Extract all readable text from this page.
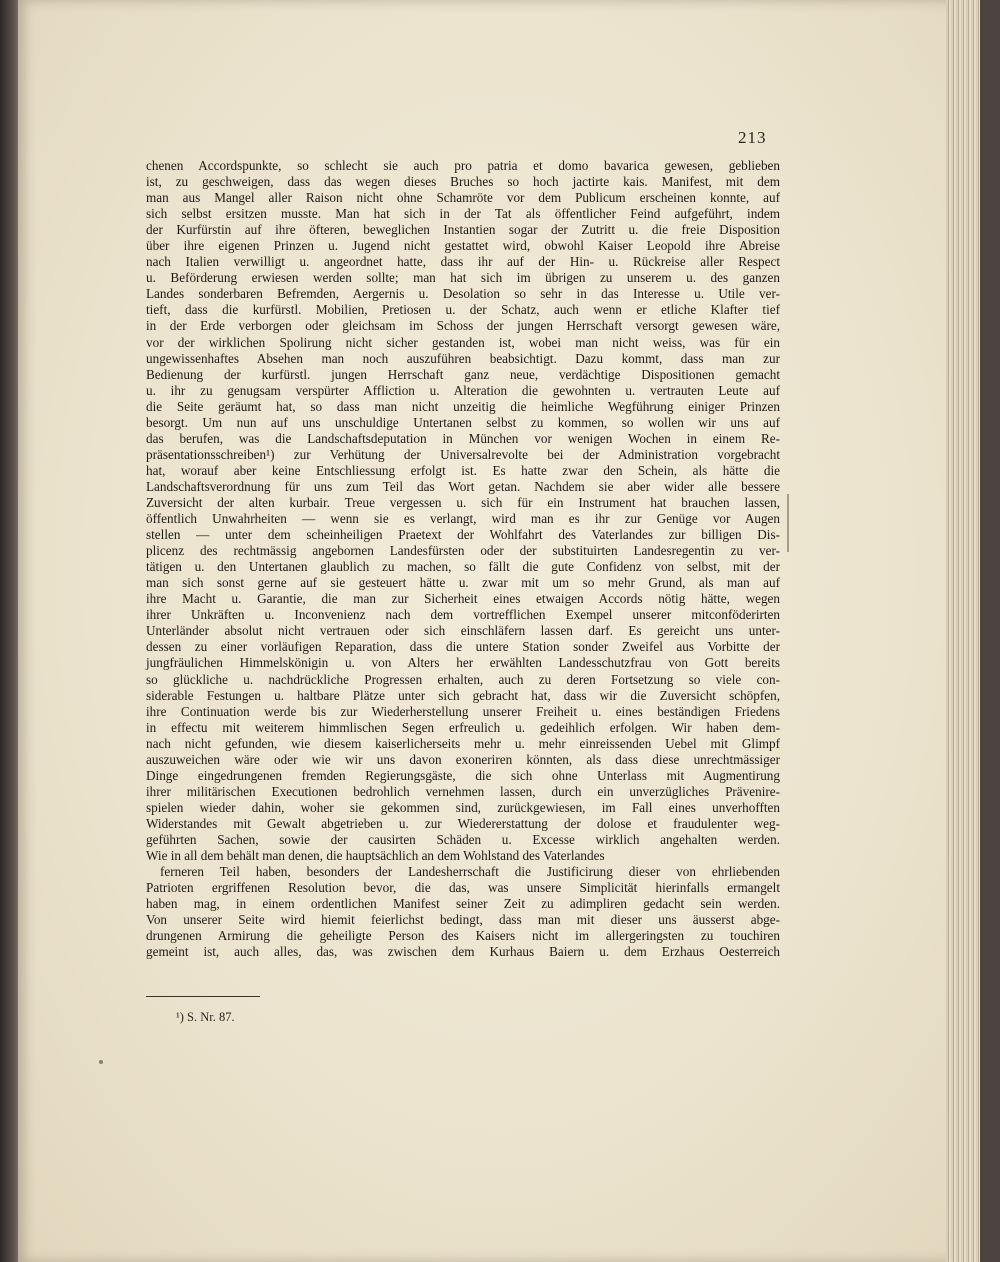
213
chenen Accordspunkte, so schlecht sie auch pro patria et domo bavarica gewesen, geblieben
ist, zu geschweigen, dass das wegen dieses Bruches so hoch jactirte kais. Manifest, mit dem
man aus Mangel aller Raison nicht ohne Schamröte vor dem Publicum erscheinen konnte, auf
sich selbst ersitzen musste. Man hat sich in der Tat als öffentlicher Feind aufgeführt, indem
der Kurfürstin auf ihre öfteren, beweglichen Instantien sogar der Zutritt u. die freie Disposition
über ihre eigenen Prinzen u. Jugend nicht gestattet wird, obwohl Kaiser Leopold ihre Abreise
nach Italien verwilligt u. angeordnet hatte, dass ihr auf der Hin- u. Rückreise aller Respect
u. Beförderung erwiesen werden sollte; man hat sich im übrigen zu unserem u. des ganzen
Landes sonderbaren Befremden, Aergernis u. Desolation so sehr in das Interesse u. Utile ver-
tieft, dass die kurfürstl. Mobilien, Pretiosen u. der Schatz, auch wenn er etliche Klafter tief
in der Erde verborgen oder gleichsam im Schoss der jungen Herrschaft versorgt gewesen wäre,
vor der wirklichen Spolirung nicht sicher gestanden ist, wobei man nicht weiss, was für ein
ungewissenhaftes Absehen man noch auszuführen beabsichtigt. Dazu kommt, dass man zur
Bedienung der kurfürstl. jungen Herrschaft ganz neue, verdächtige Dispositionen gemacht
u. ihr zu genugsam verspürter Affliction u. Alteration die gewohnten u. vertrauten Leute auf
die Seite geräumt hat, so dass man nicht unzeitig die heimliche Wegführung einiger Prinzen
besorgt. Um nun auf uns unschuldige Untertanen selbst zu kommen, so wollen wir uns auf
das berufen, was die Landschaftsdeputation in München vor wenigen Wochen in einem Re-
präsentationsschreiben¹) zur Verhütung der Universalrevolte bei der Administration vorgebracht
hat, worauf aber keine Entschliessung erfolgt ist. Es hatte zwar den Schein, als hätte die
Landschaftsverordnung für uns zum Teil das Wort getan. Nachdem sie aber wider alle bessere
Zuversicht der alten kurbair. Treue vergessen u. sich für ein Instrument hat brauchen lassen,
öffentlich Unwahrheiten — wenn sie es verlangt, wird man es ihr zur Genüge vor Augen
stellen — unter dem scheinheiligen Praetext der Wohlfahrt des Vaterlandes zur billigen Dis-
plicenz des rechtmässig angebornen Landesfürsten oder der substituirten Landesregentin zu ver-
tätigen u. den Untertanen glaublich zu machen, so fällt die gute Confidenz von selbst, mit der
man sich sonst gerne auf sie gesteuert hätte u. zwar mit um so mehr Grund, als man auf
ihre Macht u. Garantie, die man zur Sicherheit eines etwaigen Accords nötig hätte, wegen
ihrer Unkräften u. Inconvenienz nach dem vortrefflichen Exempel unserer mitconföderirten
Unterländer absolut nicht vertrauen oder sich einschläfern lassen darf. Es gereicht uns unter-
dessen zu einer vorläufigen Reparation, dass die untere Station sonder Zweifel aus Vorbitte der
jungfräulichen Himmelskönigin u. von Alters her erwählten Landesschutzfrau von Gott bereits
so glückliche u. nachdrückliche Progressen erhalten, auch zu deren Fortsetzung so viele con-
siderable Festungen u. haltbare Plätze unter sich gebracht hat, dass wir die Zuversicht schöpfen,
ihre Continuation werde bis zur Wiederherstellung unserer Freiheit u. eines beständigen Friedens
in effectu mit weiterem himmlischen Segen erfreulich u. gedeihlich erfolgen. Wir haben dem-
nach nicht gefunden, wie diesem kaiserlicherseits mehr u. mehr einreissenden Uebel mit Glimpf
auszuweichen wäre oder wie wir uns davon exoneriren könnten, als dass diese unrechtmässiger
Dinge eingedrungenen fremden Regierungsgäste, die sich ohne Unterlass mit Augmentirung
ihrer militärischen Executionen bedrohlich vernehmen lassen, durch ein unverzügliches Prävenire-
spielen wieder dahin, woher sie gekommen sind, zurückgewiesen, im Fall eines unverhofften
Widerstandes mit Gewalt abgetrieben u. zur Wiedererstattung der dolose et fraudulenter weg-
geführten Sachen, sowie der causirten Schäden u. Excesse wirklich angehalten werden.
Wie in all dem behält man denen, die hauptsächlich an dem Wohlstand des Vaterlandes
ferneren Teil haben, besonders der Landesherrschaft die Justificirung dieser von ehrliebenden
Patrioten ergriffenen Resolution bevor, die das, was unsere Simplicität hierinfalls ermangelt
haben mag, in einem ordentlichen Manifest seiner Zeit zu adimpliren gedacht sein werden.
Von unserer Seite wird hiemit feierlichst bedingt, dass man mit dieser uns äusserst abge-
drungenen Armirung die geheiligte Person des Kaisers nicht im allergeringsten zu touchiren
gemeint ist, auch alles, das, was zwischen dem Kurhaus Baiern u. dem Erzhaus Oesterreich
¹) S. Nr. 87.
